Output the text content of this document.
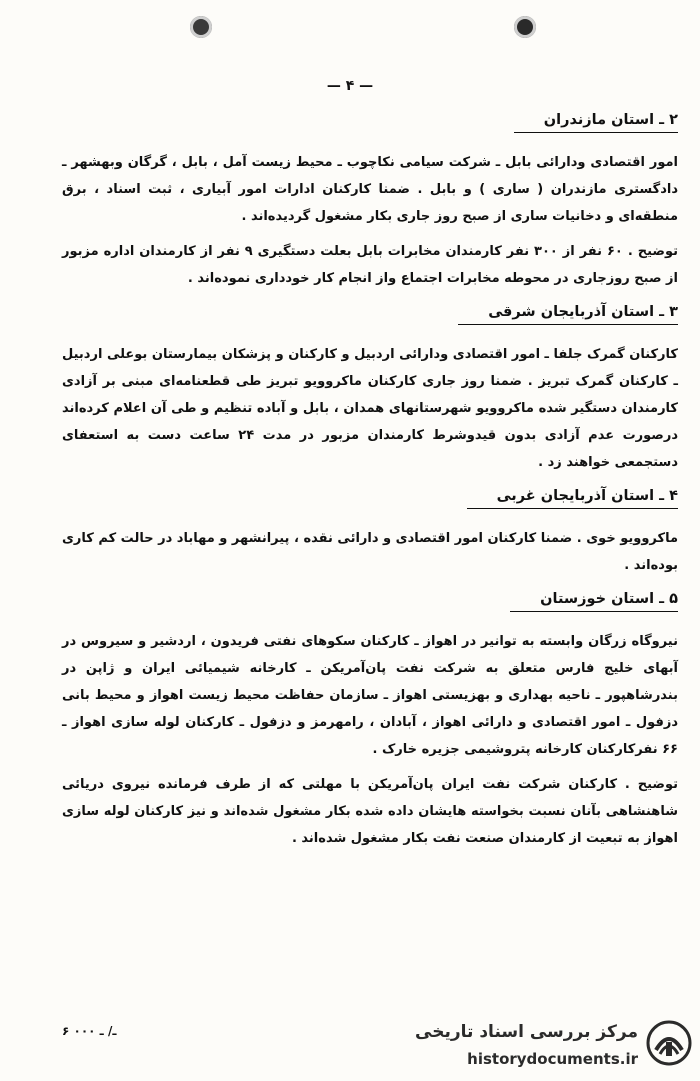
— ۴ —
۲ ـ استان مازندران

امور اقتصادی ودارائی بابل ـ شرکت سیامی نکاچوب ـ محیط زیست آمل ، بابل ، گرگان وبهشهر ـ دادگستری مازندران ( ساری ) و بابل . ضمنا کارکنان ادارات امور آبیاری ، ثبت اسناد ، برق منطقه‌ای و دخانیات ساری از صبح روز جاری بکار مشغول گردیده‌اند .

توضیح . ۶۰ نفر از ۳۰۰ نفر کارمندان مخابرات بابل بعلت دستگیری ۹ نفر از کارمندان اداره مزبور از صبح روزجاری در محوطه مخابرات اجتماع واز انجام کار خودداری نموده‌اند .

۳ ـ استان آذربایجان شرقی

کارکنان گمرک جلفا ـ امور اقتصادی ودارائی اردبیل و کارکنان و پزشکان بیمارستان بوعلی اردبیل ـ کارکنان گمرک تبریز . ضمنا روز جاری کارکنان ماکروویو تبریز طی قطعنامه‌ای مبنی بر آزادی کارمندان دستگیر شده ماکروویو شهرستانهای همدان ، بابل و آباده تنظیم و طی آن اعلام کرده‌اند درصورت عدم آزادی بدون قیدوشرط کارمندان مزبور در مدت ۲۴ ساعت دست به استعفای دستجمعی خواهند زد .

۴ ـ استان آذربایجان غربی

ماکروویو خوی . ضمنا کارکنان امور اقتصادی و دارائی نقده ، پیرانشهر و مهاباد در حالت کم کاری بوده‌اند .

۵ ـ استان خوزستان

نیروگاه زرگان وابسته به توانیر در اهواز ـ کارکنان سکوهای نفتی فریدون ، اردشیر و سیروس در آبهای خلیج فارس متعلق به شرکت نفت پان‌آمریکن ـ کارخانه شیمیائی ایران و ژاپن در بندرشاهپور ـ ناحیه بهداری و بهزیستی اهواز ـ سازمان حفاظت محیط زیست اهواز و محیط بانی دزفول ـ امور اقتصادی و دارائی اهواز ، آبادان ، رامهرمز و دزفول ـ کارکنان لوله سازی اهواز ـ ۶۶ نفرکارکنان کارخانه پتروشیمی جزیره خارک .

توضیح . کارکنان شرکت نفت ایران پان‌آمریکن با مهلتی که از طرف فرمانده نیروی دریائی شاهنشاهی بآنان نسبت بخواسته هایشان داده شده بکار مشغول شده‌اند و نیز کارکنان لوله سازی اهواز به تبعیت از کارمندان صنعت نفت بکار مشغول شده‌اند .

۶ ـ/ ـ ۰۰۰	مرکز بررسی اسناد تاریخی
historydocuments.ir
